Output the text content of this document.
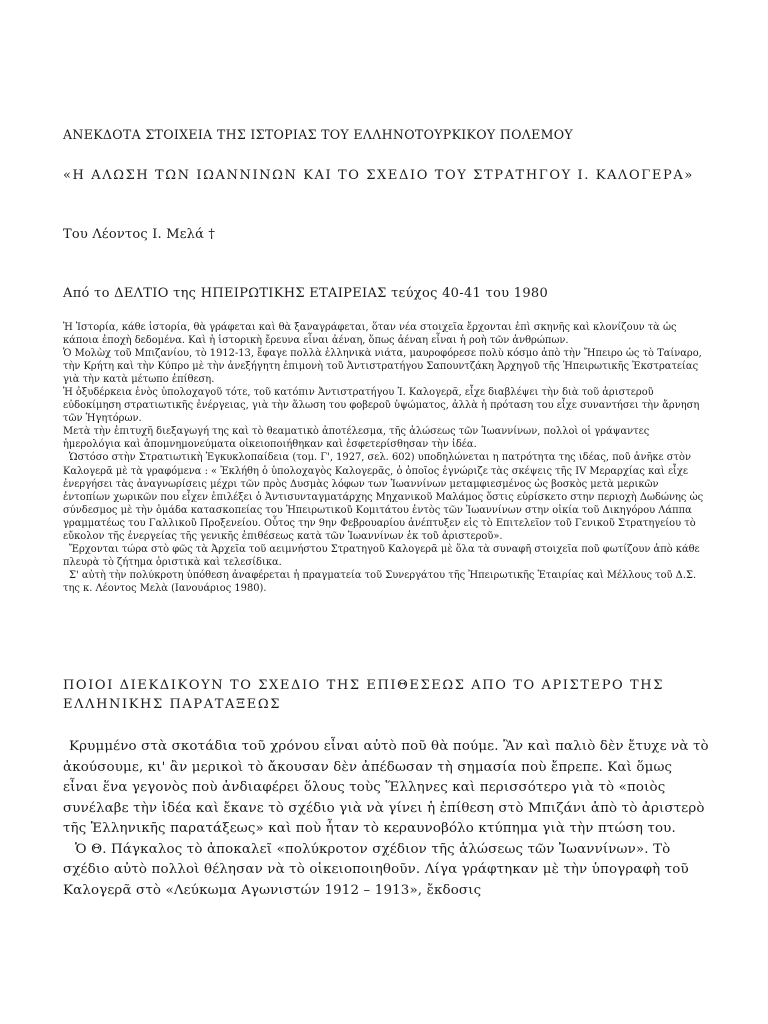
ΑΝΕΚΔΟΤΑ ΣΤΟΙΧΕΙΑ ΤΗΣ ΙΣΤΟΡΙΑΣ ΤΟΥ ΕΛΛΗΝΟΤΟΥΡΚΙΚΟΥ ΠΟΛΕΜΟΥ
«Η ΑΛΩΣΗ ΤΩΝ ΙΩΑΝΝΙΝΩΝ ΚΑΙ ΤΟ ΣΧΕΔΙΟ ΤΟΥ ΣΤΡΑΤΗΓΟΥ Ι. ΚΑΛΟΓΕΡΑ»
Του Λέοντος Ι. Μελά †
Από το ΔΕΛΤΙΟ της ΗΠΕΙΡΩΤΙΚΗΣ ΕΤΑΙΡΕΙΑΣ τεύχος 40-41 του 1980

Ἡ Ἱστορία, κάθε ἱστορία, θὰ γράφεται καὶ θὰ ξαναγράφεται, ὅταν νέα στοιχεῖα ἔρχονται ἐπὶ σκηνῆς καὶ κλονίζουν τὰ ὡς κάποια ἐποχὴ δεδομένα. Καὶ ἡ ἱστορικὴ ἔρευνα εἶναι ἀέναη, ὅπως ἀέναη εἶναι ἡ ροὴ τῶν ἀνθρώπων.

Ὁ Μολὼχ τοῦ Μπιζανίου, τὸ 1912-13, ἔφαγε πολλὰ ἑλληνικὰ νιάτα, μαυροφόρεσε πολὺ κόσμο ἀπὸ τὴν Ἤπειρο ὡς τὸ Ταίναρο, τὴν Κρήτη καὶ τὴν Κύπρο μὲ τὴν ἀνεξήγητη ἐπιμονὴ τοῦ Ἀντιστρατήγου Σαπουντζάκη Ἀρχηγοῦ τῆς Ἡπειρωτικῆς Ἐκστρατείας γιὰ τὴν κατὰ μέτωπο ἐπίθεση.

Ἡ ὀξυδέρκεια ἑνὸς ὑπολοχαγοῦ τότε, τοῦ κατόπιν Ἀντιστρατήγου Ἰ. Καλογερᾶ, εἶχε διαβλέψει τὴν διὰ τοῦ ἀριστεροῦ εὐδοκίμηση στρατιωτικῆς ἐνέργειας, γιὰ τὴν ἅλωση του φοβεροῦ ὑψώματος, ἀλλὰ ἡ πρόταση του εἶχε συναντήσει τὴν ἄρνηση τῶν Ἡγητόρων.

Μετὰ τὴν ἐπιτυχῆ διεξαγωγή της καὶ τὸ θεαματικὸ ἀποτέλεσμα, τῆς ἁλώσεως τῶν Ἰωαννίνων, πολλοὶ οἱ γράψαντες ἡμερολόγια καὶ ἀπομνημονεύματα οἰκειοποιήθηκαν καὶ ἐσφετερίσθησαν τὴν ἰδέα.

Ὡστόσο στὴν Στρατιωτικὴ Ἐγκυκλοπαίδεια (τομ. Γ', 1927, σελ. 602) υποδηλώνεται η πατρότητα της ιδέας, ποῦ ἀνῆκε στὸν Καλογερᾶ μὲ τὰ γραφόμενα : « Ἐκλήθη ὁ ὑπολοχαγὸς Καλογερᾶς, ὁ ὁποῖος ἐγνώριζε τὰς σκέψεις τῆς ΙV Μεραρχίας καὶ εἶχε ἐνεργήσει τὰς ἀναγνωρίσεις μέχρι τῶν πρὸς Δυσμὰς λόφων των Ἰωαννίνων μεταμφιεσμένος ὡς βοσκὸς μετὰ μερικῶν ἐντοπίων χωρικῶν που εἶχεν ἐπιλέξει ὁ Ἀντισυνταγματάρχης Μηχανικοῦ Μαλάμος ὅστις εὑρίσκετο στην περιοχὴ Δωδώνης ὡς σύνδεσμος μὲ τὴν ὁμάδα κατασκοπείας του Ἠπειρωτικοῦ Κομιτάτου ἐντὸς τῶν Ἰωαννίνων στην οἰκία τοῦ Δικηγόρου Λάππα γραμματέως του Γαλλικοῦ Προξενείου. Οὗτος την 9ην Φεβρουαρίου ἀνέπτυξεν εἰς τὸ Επιτελεῖον τοῦ Γενικοῦ Στρατηγείου τὸ εὔκολον τῆς ἐνεργείας τῆς γενικῆς ἐπιθέσεως κατὰ τῶν Ἰωαννίνων ἐκ τοῦ ἀριστεροῦ».

Ἔρχονται τώρα στὸ φῶς τὰ Ἀρχεῖα τοῦ αειμνήστου Στρατηγοῦ Καλογερᾶ μὲ ὅλα τὰ συναφῆ στοιχεῖα ποῦ φωτίζουν ἀπὸ κάθε πλευρὰ τὸ ζήτημα ὁριστικὰ καὶ τελεσίδικα.

Σ' αὐτὴ τὴν πολύκροτη ὑπόθεση ἀναφέρεται ἡ πραγματεία τοῦ Συνεργάτου τῆς Ἠπειρωτικῆς Ἑταιρίας καὶ Μέλλους τοῦ Δ.Σ. της κ. Λέοντος Μελὰ (Ιανουάριος 1980).

ΠΟΙΟΙ ΔΙΕΚΔΙΚΟΥΝ ΤΟ ΣΧΕΔΙΟ ΤΗΣ ΕΠΙΘΕΣΕΩΣ ΑΠΟ ΤΟ ΑΡΙΣΤΕΡΟ ΤΗΣ ΕΛΛΗΝΙΚΗΣ ΠΑΡΑΤΑΞΕΩΣ

Κρυμμένο στὰ σκοτάδια τοῦ χρόνου εἶναι αὐτὸ ποῦ θὰ πούμε. Ἂν καὶ παλιὸ δὲν ἔτυχε νὰ τὸ ἀκούσουμε, κι' ἂν μερικοὶ τὸ ἄκουσαν δὲν ἀπέδωσαν τὴ σημασία ποὺ ἔπρεπε. Καὶ ὅμως εἶναι ἕνα γεγονὸς ποὺ ἀνδιαφέρει ὅλους τοὺς Ἕλληνες καὶ περισσότερο γιὰ τὸ «ποιὸς συνέλαβε τὴν ἰδέα καὶ ἔκανε τὸ σχέδιο γιὰ νὰ γίνει ἡ ἐπίθεση στὸ Μπιζάνι ἀπὸ τὸ ἀριστερὸ τῆς Ἑλληνικῆς παρατάξεως» καὶ ποὺ ἦταν τὸ κεραυνοβόλο κτύπημα γιὰ τὴν πτώση του.

Ὁ Θ. Πάγκαλος τὸ ἀποκαλεῖ «πολύκροτον σχέδιον τῆς ἁλώσεως τῶν Ἰωαννίνων». Τὸ σχέδιο αὐτὸ πολλοὶ θέλησαν νὰ τὸ οἰκειοποιηθοῦν. Λίγα γράφτηκαν μὲ τὴν ὑπογραφὴ τοῦ Καλογερᾶ στὸ «Λεύκωμα Αγωνιστών 1912 – 1913», ἔκδοσις
